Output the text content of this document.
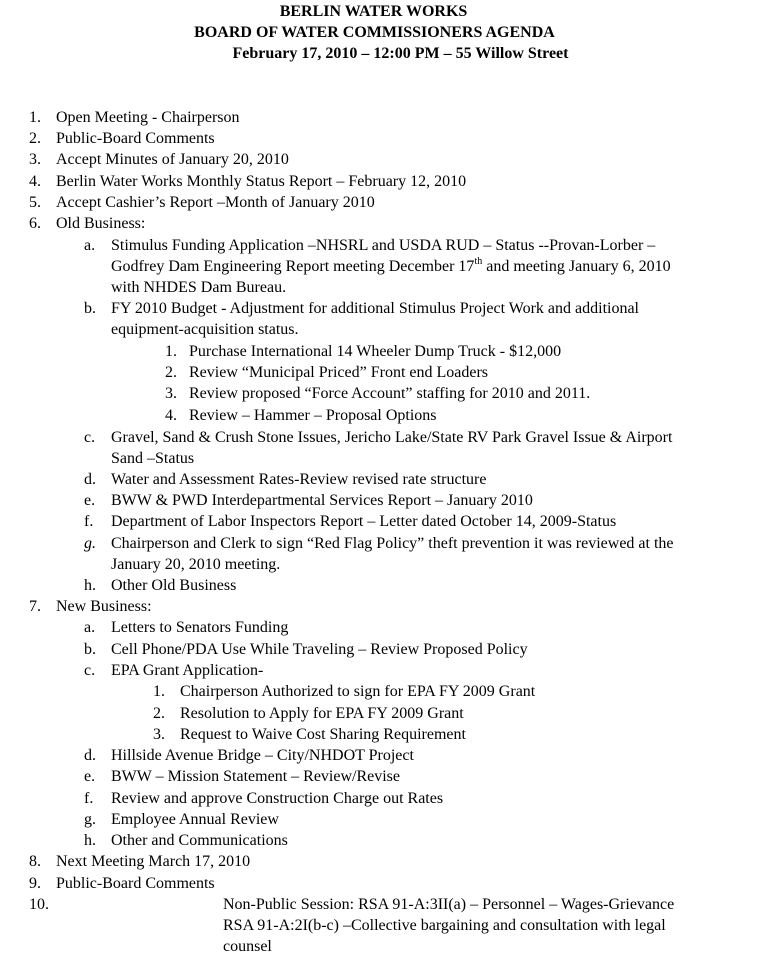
BERLIN WATER WORKS
BOARD OF WATER COMMISSIONERS AGENDA
February 17, 2010 – 12:00 PM – 55 Willow Street
1. Open Meeting - Chairperson
2. Public-Board Comments
3. Accept Minutes of January 20, 2010
4. Berlin Water Works Monthly Status Report – February 12, 2010
5. Accept Cashier’s Report –Month of January 2010
6. Old Business:
a. Stimulus Funding Application –NHSRL and USDA RUD – Status --Provan-Lorber –
Godfrey Dam Engineering Report meeting December 17th and meeting January 6, 2010
with NHDES Dam Bureau.
b. FY 2010 Budget - Adjustment for additional Stimulus Project Work and additional
equipment-acquisition status.
1. Purchase International 14 Wheeler Dump Truck - $12,000
2. Review “Municipal Priced” Front end Loaders
3. Review proposed “Force Account” staffing for 2010 and 2011.
4. Review – Hammer – Proposal Options
c. Gravel, Sand & Crush Stone Issues, Jericho Lake/State RV Park Gravel Issue & Airport
Sand –Status
d. Water and Assessment Rates-Review revised rate structure
e. BWW & PWD Interdepartmental Services Report – January 2010
f. Department of Labor Inspectors Report – Letter dated October 14, 2009-Status
g. Chairperson and Clerk to sign “Red Flag Policy” theft prevention it was reviewed at the
January 20, 2010 meeting.
h. Other Old Business
7. New Business:
a. Letters to Senators Funding
b. Cell Phone/PDA Use While Traveling – Review Proposed Policy
c. EPA Grant Application-
1. Chairperson Authorized to sign for EPA FY 2009 Grant
2. Resolution to Apply for EPA FY 2009 Grant
3. Request to Waive Cost Sharing Requirement
d. Hillside Avenue Bridge – City/NHDOT Project
e. BWW – Mission Statement – Review/Revise
f. Review and approve Construction Charge out Rates
g. Employee Annual Review
h. Other and Communications
8. Next Meeting March 17, 2010
9. Public-Board Comments
10.	Non-Public Session: RSA 91-A:3II(a) – Personnel – Wages-Grievance
RSA 91-A:2I(b-c) –Collective bargaining and consultation with legal
counsel
